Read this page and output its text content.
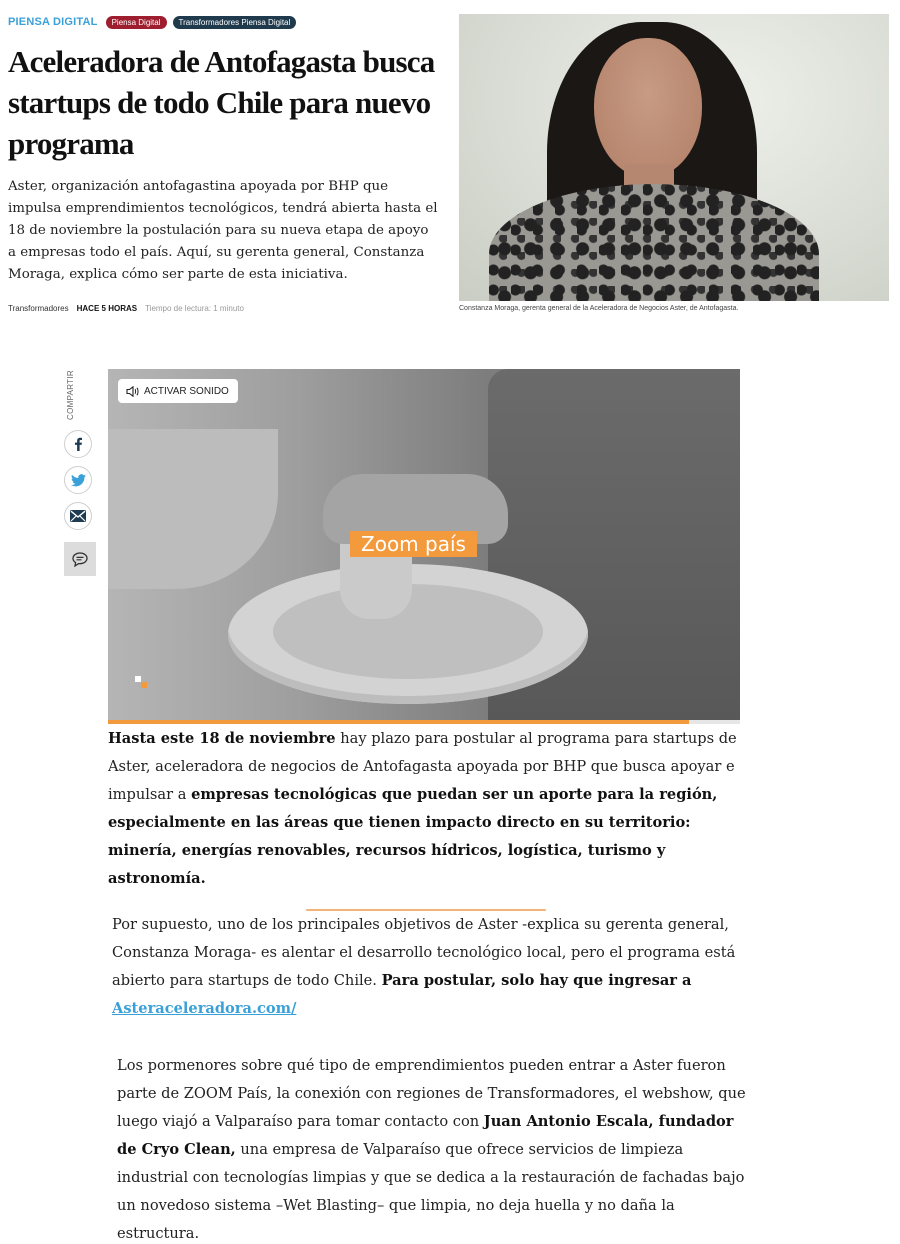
PIENSA DIGITAL	Piensa Digital	Transformadores Piensa Digital
Aceleradora de Antofagasta busca startups de todo Chile para nuevo programa

Aster, organización antofagastina apoyada por BHP que impulsa emprendimientos tecnológicos, tendrá abierta hasta el 18 de noviembre la postulación para su nueva etapa de apoyo a empresas todo el país. Aquí, su gerenta general, Constanza Moraga, explica cómo ser parte de esta iniciativa.

Transformadores HACE 5 HORAS Tiempo de lectura: 1 minuto	Constanza Moraga, gerenta general de la Aceleradora de Negocios Aster, de Antofagasta.
COMPARTIR	ACTIVAR SONIDO
Zoom país

Hasta este 18 de noviembre hay plazo para postular al programa para startups de Aster, aceleradora de negocios de Antofagasta apoyada por BHP que busca apoyar e impulsar a empresas tecnológicas que puedan ser un aporte para la región, especialmente en las áreas que tienen impacto directo en su territorio: minería, energías renovables, recursos hídricos, logística, turismo y astronomía.

Por supuesto, uno de los principales objetivos de Aster -explica su gerenta general, Constanza Moraga- es alentar el desarrollo tecnológico local, pero el programa está abierto para startups de todo Chile. Para postular, solo hay que ingresar a
Asteraceleradora.com/

Los pormenores sobre qué tipo de emprendimientos pueden entrar a Aster fueron parte de ZOOM País, la conexión con regiones de Transformadores, el webshow, que luego viajó a Valparaíso para tomar contacto con Juan Antonio Escala, fundador de Cryo Clean, una empresa de Valparaíso que ofrece servicios de limpieza industrial con tecnologías limpias y que se dedica a la restauración de fachadas bajo un novedoso sistema –Wet Blasting– que limpia, no deja huella y no daña la estructura.
